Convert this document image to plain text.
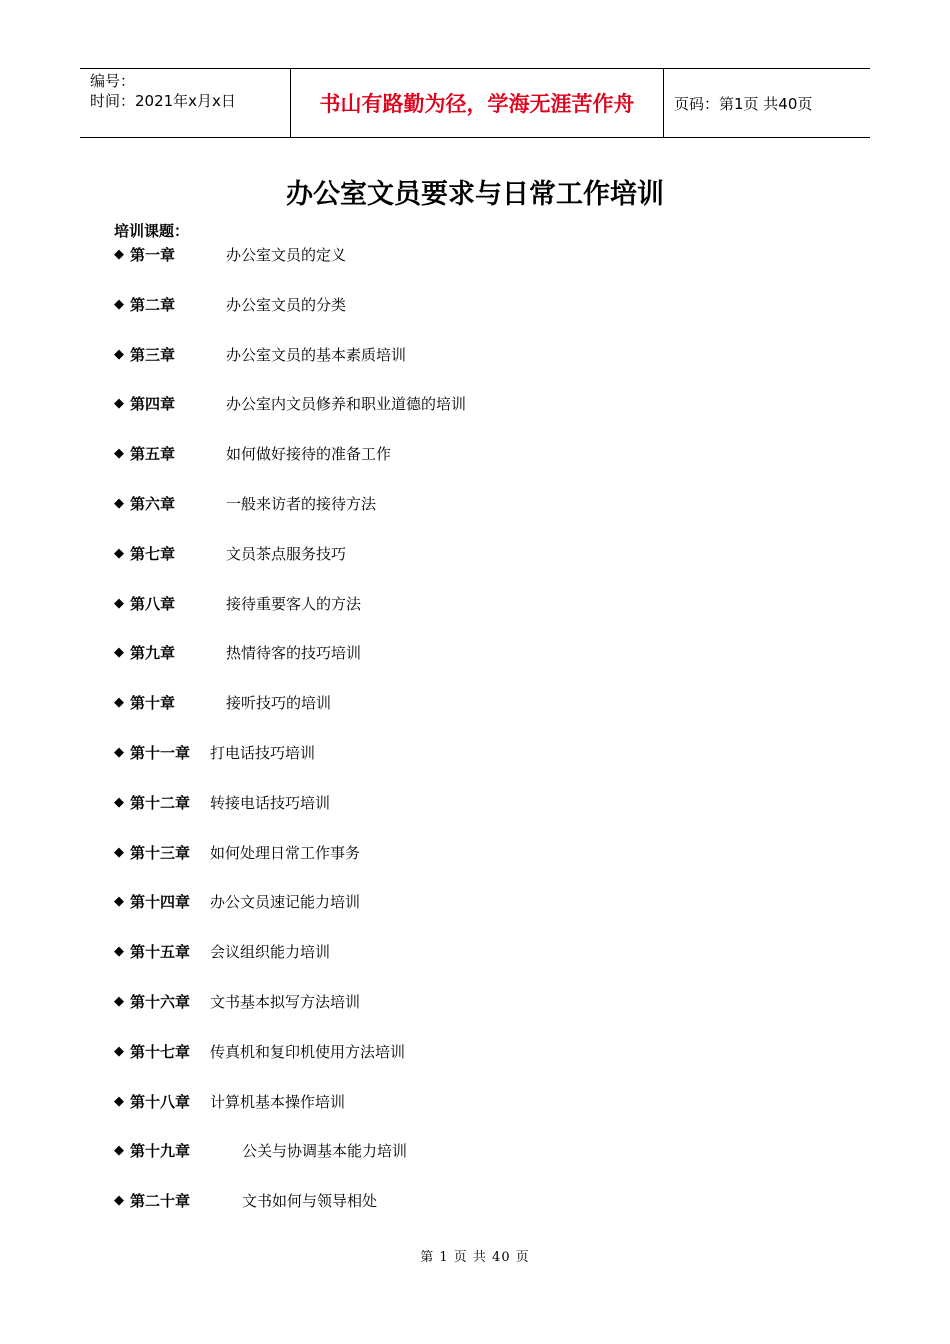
编号：
时间：2021年x月x日	书山有路勤为径，学海无涯苦作舟	页码：第1页 共40页
办公室文员要求与日常工作培训
培训课题：
◆ 第一章	办公室文员的定义
◆ 第二章	办公室文员的分类
◆ 第三章	办公室文员的基本素质培训
◆ 第四章	办公室内文员修养和职业道德的培训
◆ 第五章	如何做好接待的准备工作
◆ 第六章	一般来访者的接待方法
◆ 第七章	文员茶点服务技巧
◆ 第八章	接待重要客人的方法
◆ 第九章	热情待客的技巧培训
◆ 第十章	接听技巧的培训
◆ 第十一章	打电话技巧培训
◆ 第十二章	转接电话技巧培训
◆ 第十三章	如何处理日常工作事务
◆ 第十四章	办公文员速记能力培训
◆ 第十五章	会议组织能力培训
◆ 第十六章	文书基本拟写方法培训
◆ 第十七章	传真机和复印机使用方法培训
◆ 第十八章	计算机基本操作培训
◆ 第十九章	公关与协调基本能力培训
◆ 第二十章	文书如何与领导相处
第 1 页 共 40 页
